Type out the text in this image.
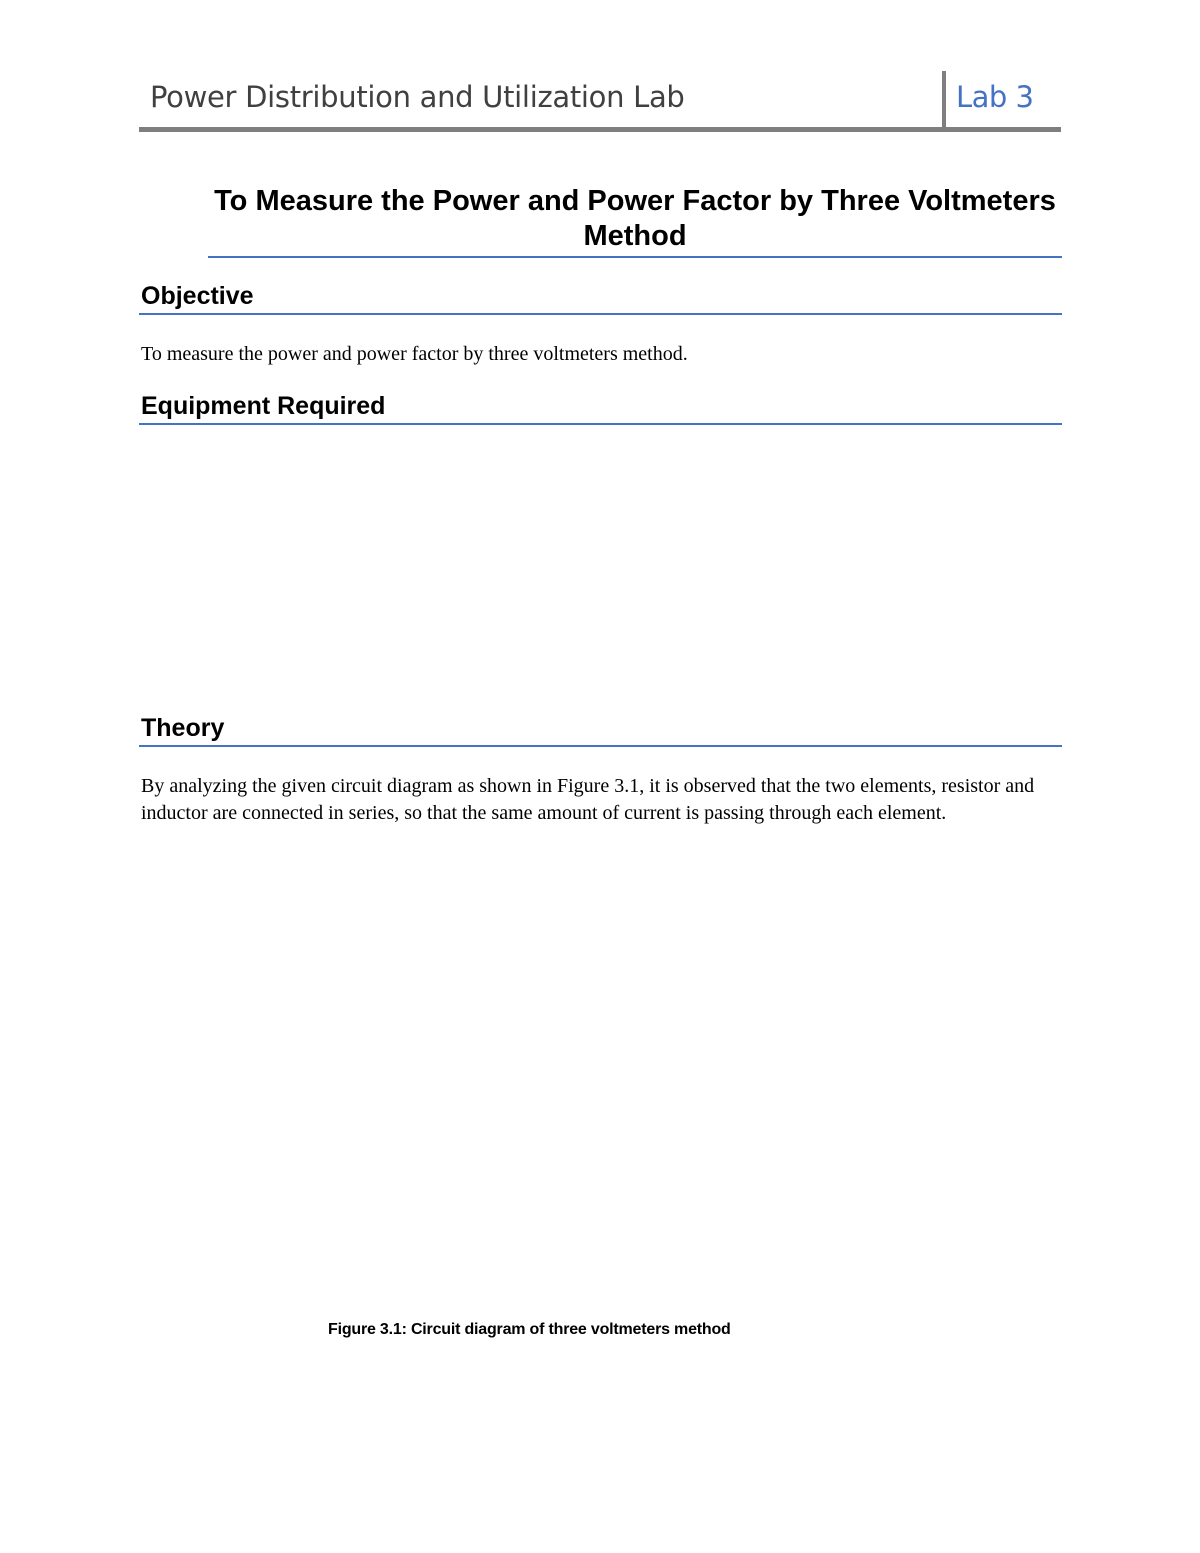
Power Distribution and Utilization Lab	Lab 3
To Measure the Power and Power Factor by Three Voltmeters Method
Objective
To measure the power and power factor by three voltmeters method.
Equipment Required
Theory
By analyzing the given circuit diagram as shown in Figure 3.1, it is observed that the two elements, resistor and inductor are connected in series, so that the same amount of current is passing through each element.
Figure 3.1: Circuit diagram of three voltmeters method
